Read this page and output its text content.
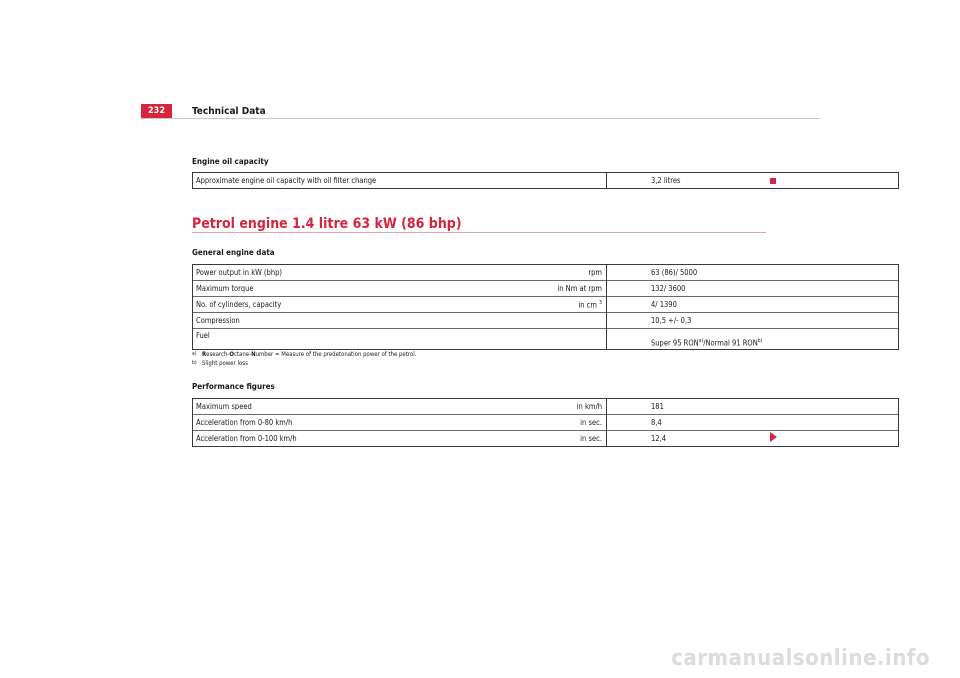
232	Technical Data
Engine oil capacity
Approximate engine oil capacity with oil filter change			3,2 litres
Petrol engine 1.4 litre 63 kW (86 bhp)
General engine data
Power output in kW (bhp)	rpm		63 (86)/ 5000
Maximum torque	in Nm at rpm		132/ 3600
No. of cylinders, capacity	in cm $^3$		4/ 1390
Compression			10,5 +/- 0,3
Fuel			Super 95 RON$^{a)}$/Normal 91 RON$^{b)}$
a) Research-Octane-Number = Measure of the predetonation power of the petrol.
b) Slight power loss
Performance figures
Maximum speed	in km/h		181
Acceleration from 0-80 km/h	in sec.		8,4
Acceleration from 0-100 km/h	in sec.		12,4
carmanualsonline.info
